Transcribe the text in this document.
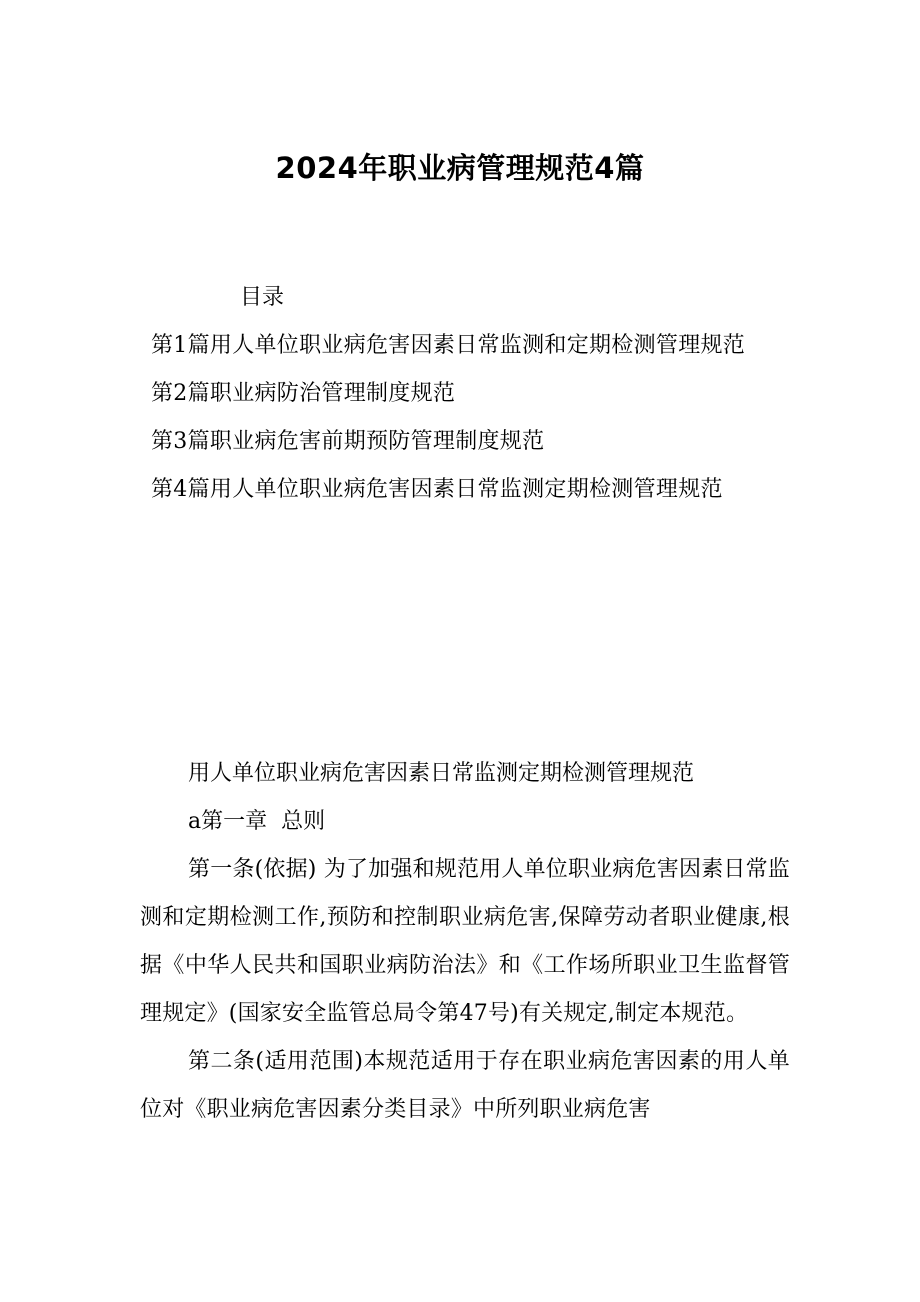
2024年职业病管理规范4篇
目录
第1篇用人单位职业病危害因素日常监测和定期检测管理规范
第2篇职业病防治管理制度规范
第3篇职业病危害前期预防管理制度规范
第4篇用人单位职业病危害因素日常监测定期检测管理规范
用人单位职业病危害因素日常监测定期检测管理规范
a第一章  总则

第一条(依据) 为了加强和规范用人单位职业病危害因素日常监测和定期检测工作,预防和控制职业病危害,保障劳动者职业健康,根据《中华人民共和国职业病防治法》和《工作场所职业卫生监督管理规定》(国家安全监管总局令第47号)有关规定,制定本规范。

第二条(适用范围)本规范适用于存在职业病危害因素的用人单位对《职业病危害因素分类目录》中所列职业病危害
